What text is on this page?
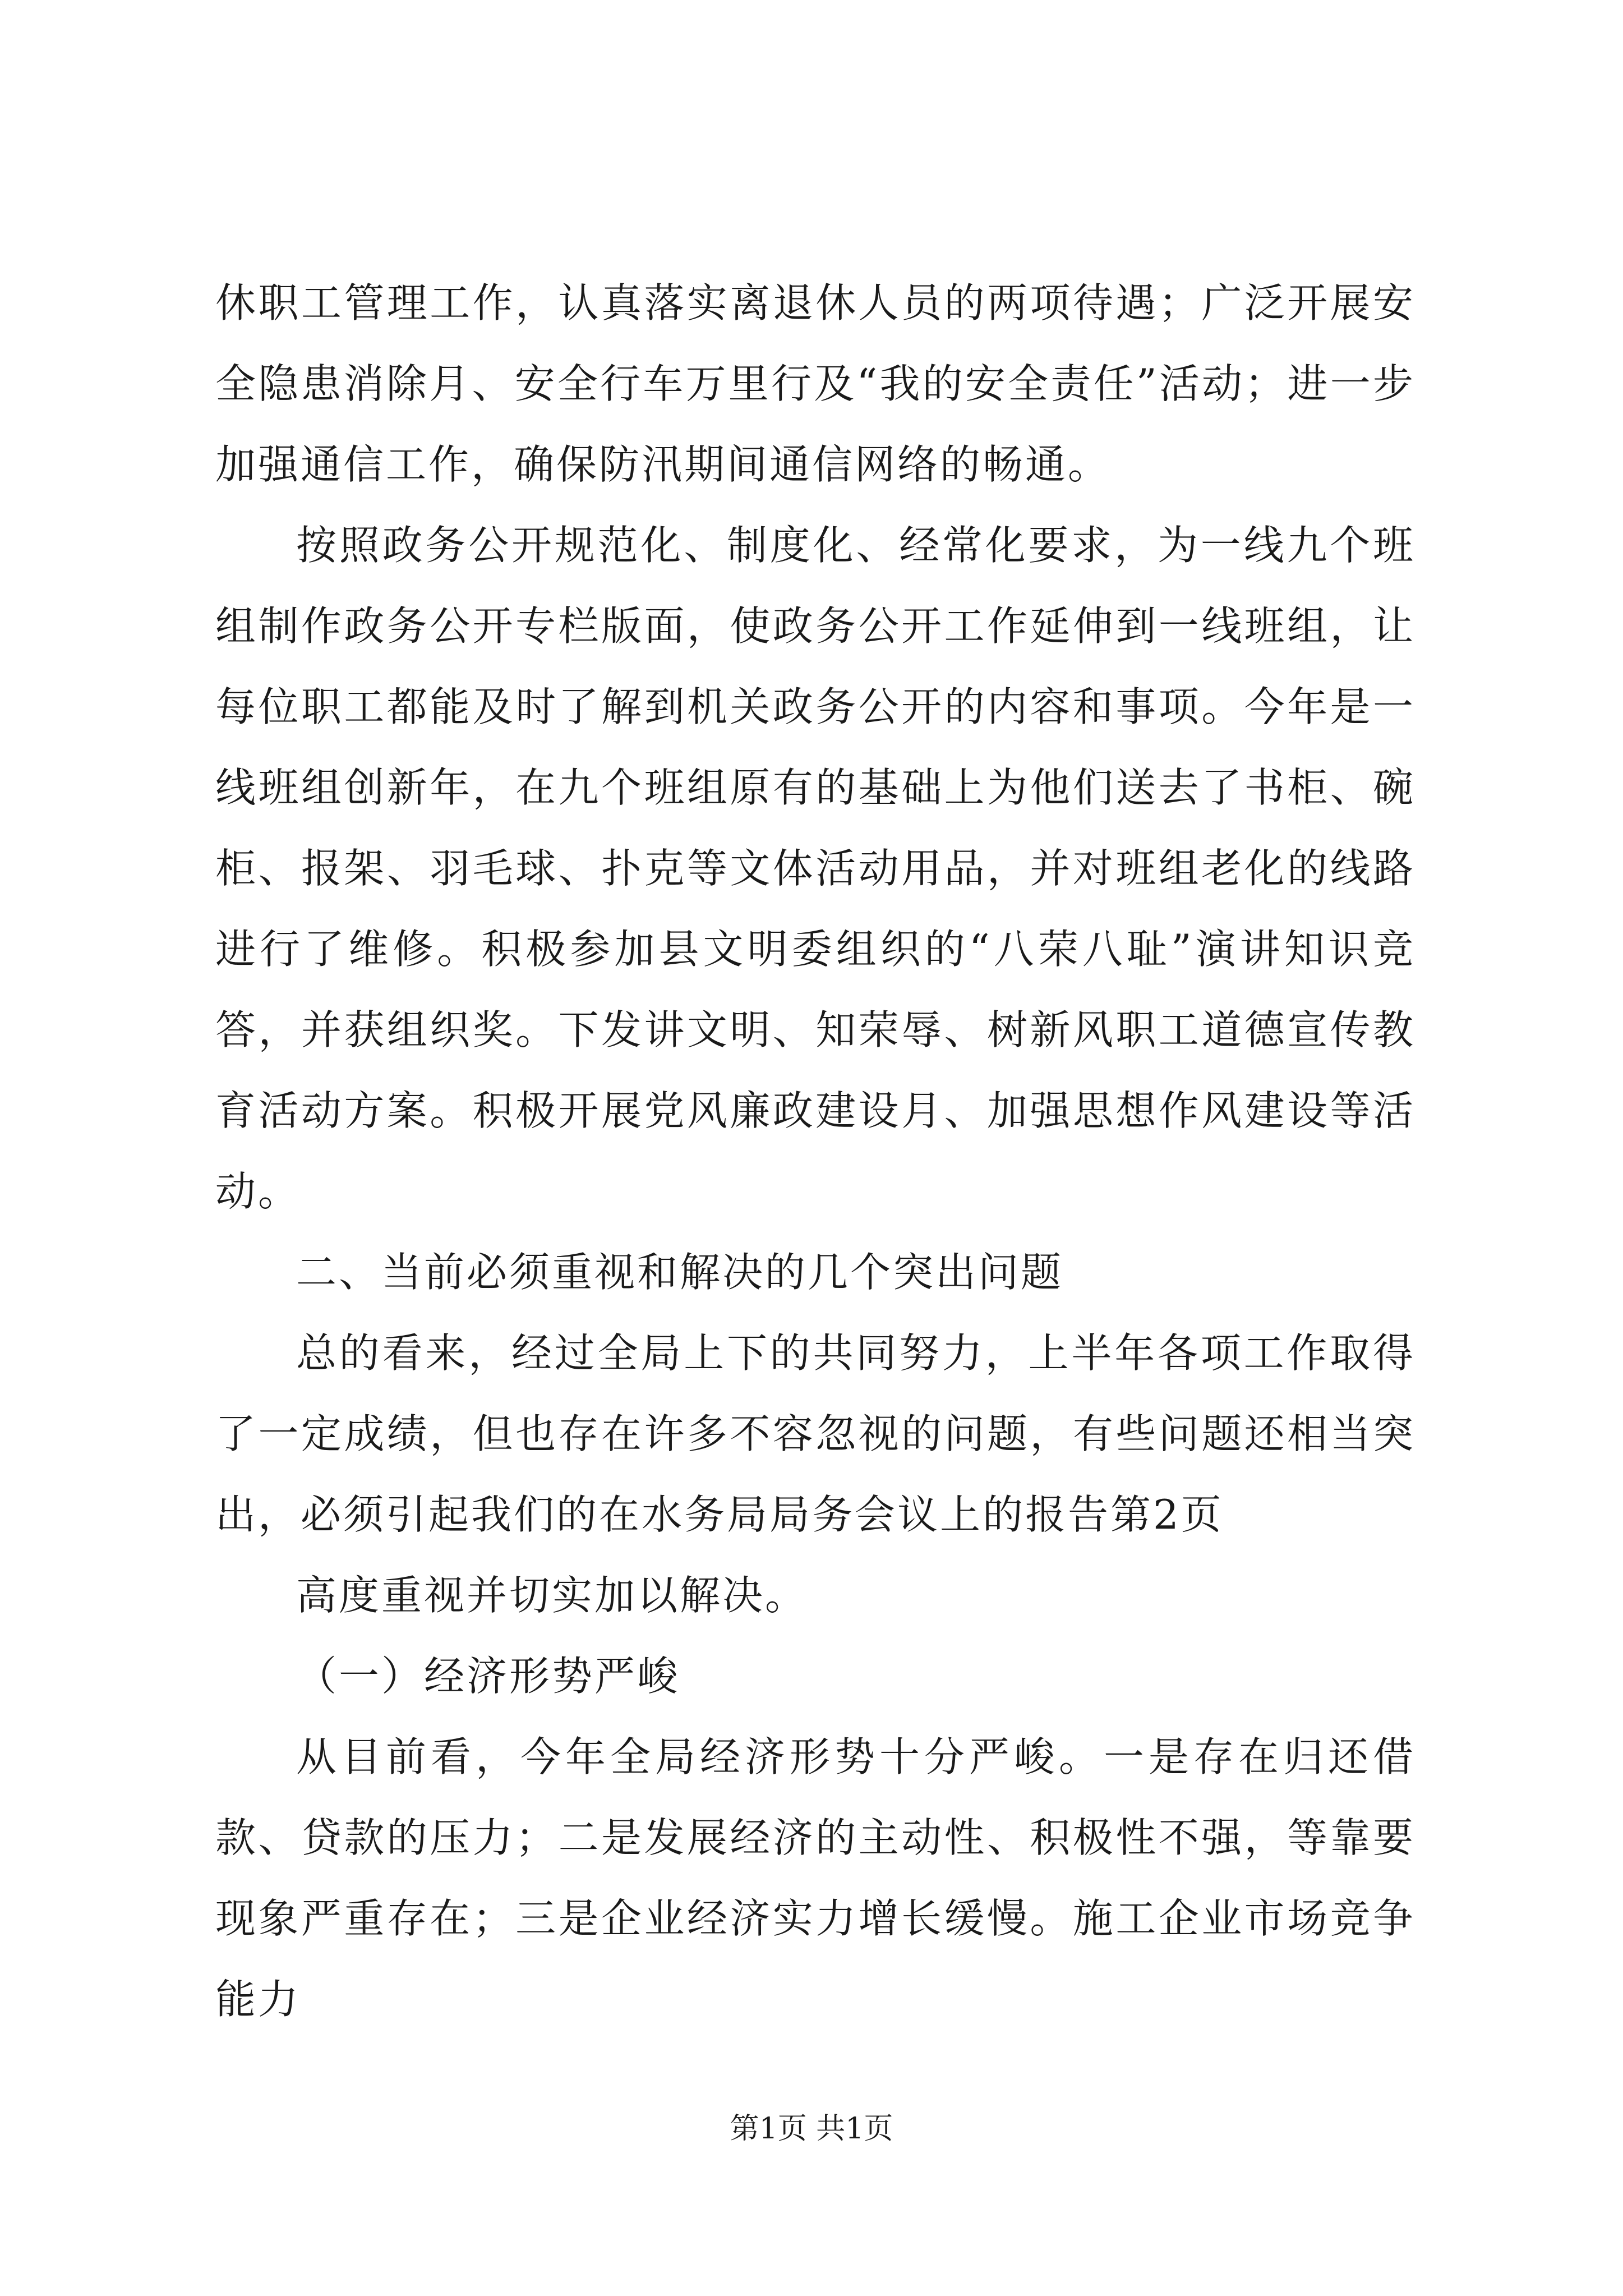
休职工管理工作，认真落实离退休人员的两项待遇；广泛开展安全隐患消除月、安全行车万里行及“我的安全责任”活动；进一步加强通信工作，确保防汛期间通信网络的畅通。

按照政务公开规范化、制度化、经常化要求，为一线九个班组制作政务公开专栏版面，使政务公开工作延伸到一线班组，让每位职工都能及时了解到机关政务公开的内容和事项。今年是一线班组创新年，在九个班组原有的基础上为他们送去了书柜、碗柜、报架、羽毛球、扑克等文体活动用品，并对班组老化的线路进行了维修。积极参加县文明委组织的“八荣八耻”演讲知识竞答，并获组织奖。下发讲文明、知荣辱、树新风职工道德宣传教育活动方案。积极开展党风廉政建设月、加强思想作风建设等活动。

二、当前必须重视和解决的几个突出问题

总的看来，经过全局上下的共同努力，上半年各项工作取得了一定成绩，但也存在许多不容忽视的问题，有些问题还相当突出，必须引起我们的在水务局局务会议上的报告第2页

高度重视并切实加以解决。

（一）经济形势严峻

从目前看，今年全局经济形势十分严峻。一是存在归还借款、贷款的压力；二是发展经济的主动性、积极性不强，等靠要现象严重存在；三是企业经济实力增长缓慢。施工企业市场竞争能力

第1页 共1页
